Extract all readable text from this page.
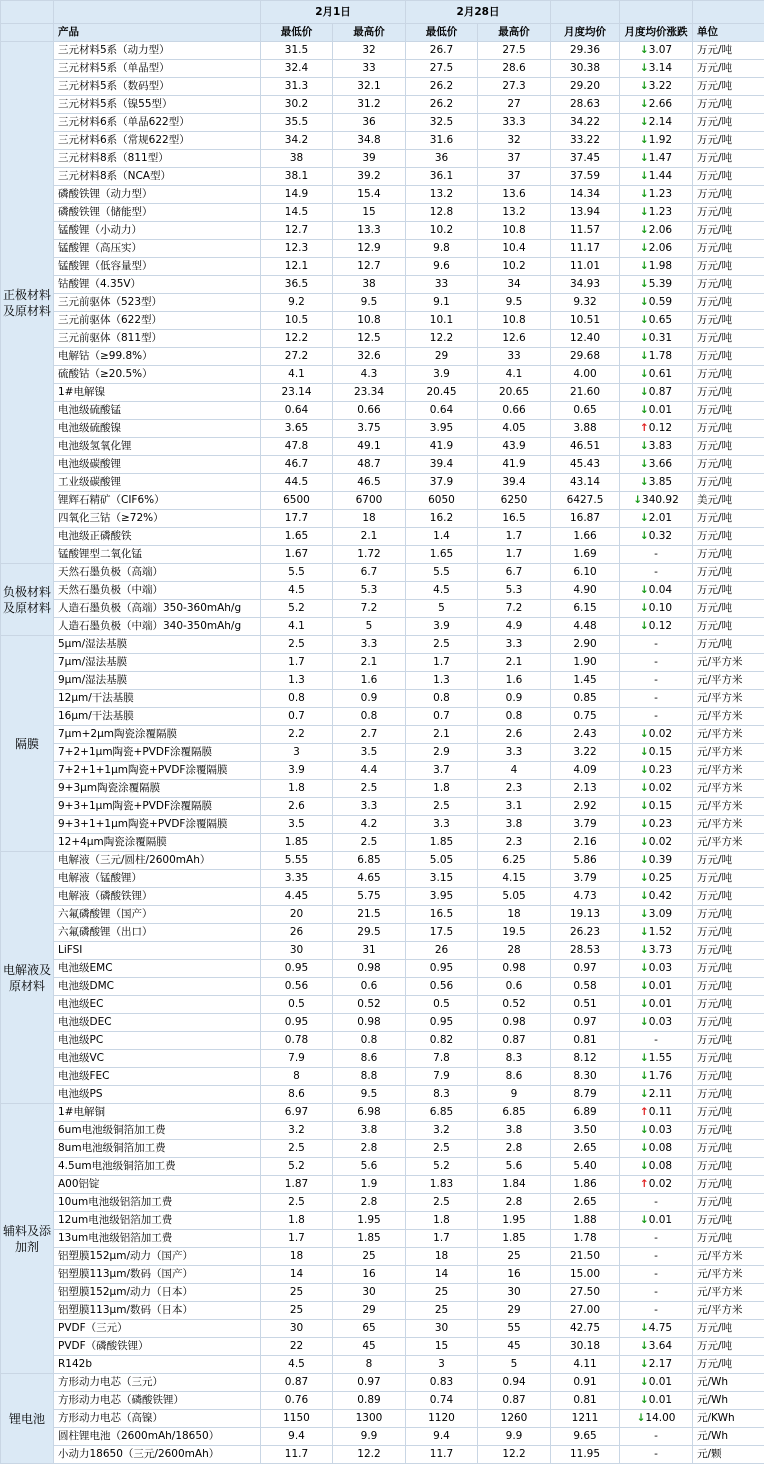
		2月1日		2月28日				
	产品	最低价	最高价	最低价	最高价	月度均价	月度均价涨跌	单位
正极材料及原材料	三元材料5系（动力型）	31.5	32	26.7	27.5	29.36	↓3.07	万元/吨
	三元材料5系（单晶型）	32.4	33	27.5	28.6	30.38	↓3.14	万元/吨
	三元材料5系（数码型）	31.3	32.1	26.2	27.3	29.20	↓3.22	万元/吨
	三元材料5系（镍55型）	30.2	31.2	26.2	27	28.63	↓2.66	万元/吨
	三元材料6系（单晶622型）	35.5	36	32.5	33.3	34.22	↓2.14	万元/吨
	三元材料6系（常规622型）	34.2	34.8	31.6	32	33.22	↓1.92	万元/吨
	三元材料8系（811型）	38	39	36	37	37.45	↓1.47	万元/吨
	三元材料8系（NCA型）	38.1	39.2	36.1	37	37.59	↓1.44	万元/吨
	磷酸铁锂（动力型）	14.9	15.4	13.2	13.6	14.34	↓1.23	万元/吨
	磷酸铁锂（储能型）	14.5	15	12.8	13.2	13.94	↓1.23	万元/吨
	锰酸锂（小动力）	12.7	13.3	10.2	10.8	11.57	↓2.06	万元/吨
	锰酸锂（高压实）	12.3	12.9	9.8	10.4	11.17	↓2.06	万元/吨
	锰酸锂（低容量型）	12.1	12.7	9.6	10.2	11.01	↓1.98	万元/吨
	钴酸锂（4.35V）	36.5	38	33	34	34.93	↓5.39	万元/吨
	三元前驱体（523型）	9.2	9.5	9.1	9.5	9.32	↓0.59	万元/吨
	三元前驱体（622型）	10.5	10.8	10.1	10.8	10.51	↓0.65	万元/吨
	三元前驱体（811型）	12.2	12.5	12.2	12.6	12.40	↓0.31	万元/吨
	电解钴（≥99.8%）	27.2	32.6	29	33	29.68	↓1.78	万元/吨
	硫酸钴（≥20.5%）	4.1	4.3	3.9	4.1	4.00	↓0.61	万元/吨
	1#电解镍	23.14	23.34	20.45	20.65	21.60	↓0.87	万元/吨
	电池级硫酸锰	0.64	0.66	0.64	0.66	0.65	↓0.01	万元/吨
	电池级硫酸镍	3.65	3.75	3.95	4.05	3.88	↑0.12	万元/吨
	电池级氢氧化锂	47.8	49.1	41.9	43.9	46.51	↓3.83	万元/吨
	电池级碳酸锂	46.7	48.7	39.4	41.9	45.43	↓3.66	万元/吨
	工业级碳酸锂	44.5	46.5	37.9	39.4	43.14	↓3.85	万元/吨
	锂辉石精矿（CIF6%）	6500	6700	6050	6250	6427.5	↓340.92	美元/吨
	四氧化三钴（≥72%）	17.7	18	16.2	16.5	16.87	↓2.01	万元/吨
	电池级正磷酸铁	1.65	2.1	1.4	1.7	1.66	↓0.32	万元/吨
	锰酸锂型二氧化锰	1.67	1.72	1.65	1.7	1.69	-	万元/吨
负极材料及原材料	天然石墨负极（高端）	5.5	6.7	5.5	6.7	6.10	-	万元/吨
	天然石墨负极（中端）	4.5	5.3	4.5	5.3	4.90	↓0.04	万元/吨
	人造石墨负极（高端）350-360mAh/g	5.2	7.2	5	7.2	6.15	↓0.10	万元/吨
	人造石墨负极（中端）340-350mAh/g	4.1	5	3.9	4.9	4.48	↓0.12	万元/吨
隔膜	5μm/湿法基膜	2.5	3.3	2.5	3.3	2.90	-	万元/吨
	7μm/湿法基膜	1.7	2.1	1.7	2.1	1.90	-	元/平方米
	9μm/湿法基膜	1.3	1.6	1.3	1.6	1.45	-	元/平方米
	12μm/干法基膜	0.8	0.9	0.8	0.9	0.85	-	元/平方米
	16μm/干法基膜	0.7	0.8	0.7	0.8	0.75	-	元/平方米
	7μm+2μm陶瓷涂覆隔膜	2.2	2.7	2.1	2.6	2.43	↓0.02	元/平方米
	7+2+1μm陶瓷+PVDF涂覆隔膜	3	3.5	2.9	3.3	3.22	↓0.15	元/平方米
	7+2+1+1μm陶瓷+PVDF涂覆隔膜	3.9	4.4	3.7	4	4.09	↓0.23	元/平方米
	9+3μm陶瓷涂覆隔膜	1.8	2.5	1.8	2.3	2.13	↓0.02	元/平方米
	9+3+1μm陶瓷+PVDF涂覆隔膜	2.6	3.3	2.5	3.1	2.92	↓0.15	元/平方米
	9+3+1+1μm陶瓷+PVDF涂覆隔膜	3.5	4.2	3.3	3.8	3.79	↓0.23	元/平方米
	12+4μm陶瓷涂覆隔膜	1.85	2.5	1.85	2.3	2.16	↓0.02	元/平方米
电解液及原材料	电解液（三元/圆柱/2600mAh）	5.55	6.85	5.05	6.25	5.86	↓0.39	万元/吨
	电解液（锰酸锂）	3.35	4.65	3.15	4.15	3.79	↓0.25	万元/吨
	电解液（磷酸铁锂）	4.45	5.75	3.95	5.05	4.73	↓0.42	万元/吨
	六氟磷酸锂（国产）	20	21.5	16.5	18	19.13	↓3.09	万元/吨
	六氟磷酸锂（出口）	26	29.5	17.5	19.5	26.23	↓1.52	万元/吨
	LiFSI	30	31	26	28	28.53	↓3.73	万元/吨
	电池级EMC	0.95	0.98	0.95	0.98	0.97	↓0.03	万元/吨
	电池级DMC	0.56	0.6	0.56	0.6	0.58	↓0.01	万元/吨
	电池级EC	0.5	0.52	0.5	0.52	0.51	↓0.01	万元/吨
	电池级DEC	0.95	0.98	0.95	0.98	0.97	↓0.03	万元/吨
	电池级PC	0.78	0.8	0.82	0.87	0.81	-	万元/吨
	电池级VC	7.9	8.6	7.8	8.3	8.12	↓1.55	万元/吨
	电池级FEC	8	8.8	7.9	8.6	8.30	↓1.76	万元/吨
	电池级PS	8.6	9.5	8.3	9	8.79	↓2.11	万元/吨
辅料及添加剂	1#电解铜	6.97	6.98	6.85	6.85	6.89	↑0.11	万元/吨
	6um电池级铜箔加工费	3.2	3.8	3.2	3.8	3.50	↓0.03	万元/吨
	8um电池级铜箔加工费	2.5	2.8	2.5	2.8	2.65	↓0.08	万元/吨
	4.5um电池级铜箔加工费	5.2	5.6	5.2	5.6	5.40	↓0.08	万元/吨
	A00铝锭	1.87	1.9	1.83	1.84	1.86	↑0.02	万元/吨
	10um电池级铝箔加工费	2.5	2.8	2.5	2.8	2.65	-	万元/吨
	12um电池级铝箔加工费	1.8	1.95	1.8	1.95	1.88	↓0.01	万元/吨
	13um电池级铝箔加工费	1.7	1.85	1.7	1.85	1.78	-	万元/吨
	铝塑膜152μm/动力（国产）	18	25	18	25	21.50	-	元/平方米
	铝塑膜113μm/数码（国产）	14	16	14	16	15.00	-	元/平方米
	铝塑膜152μm/动力（日本）	25	30	25	30	27.50	-	元/平方米
	铝塑膜113μm/数码（日本）	25	29	25	29	27.00	-	元/平方米
	PVDF（三元）	30	65	30	55	42.75	↓4.75	万元/吨
	PVDF（磷酸铁锂）	22	45	15	45	30.18	↓3.64	万元/吨
	R142b	4.5	8	3	5	4.11	↓2.17	万元/吨
锂电池	方形动力电芯（三元）	0.87	0.97	0.83	0.94	0.91	↓0.01	元/Wh
	方形动力电芯（磷酸铁锂）	0.76	0.89	0.74	0.87	0.81	↓0.01	元/Wh
	方形动力电芯（高镍）	1150	1300	1120	1260	1211	↓14.00	元/KWh
	圆柱锂电池（2600mAh/18650）	9.4	9.9	9.4	9.9	9.65	-	元/Wh
	小动力18650（三元/2600mAh）	11.7	12.2	11.7	12.2	11.95	-	元/颗
